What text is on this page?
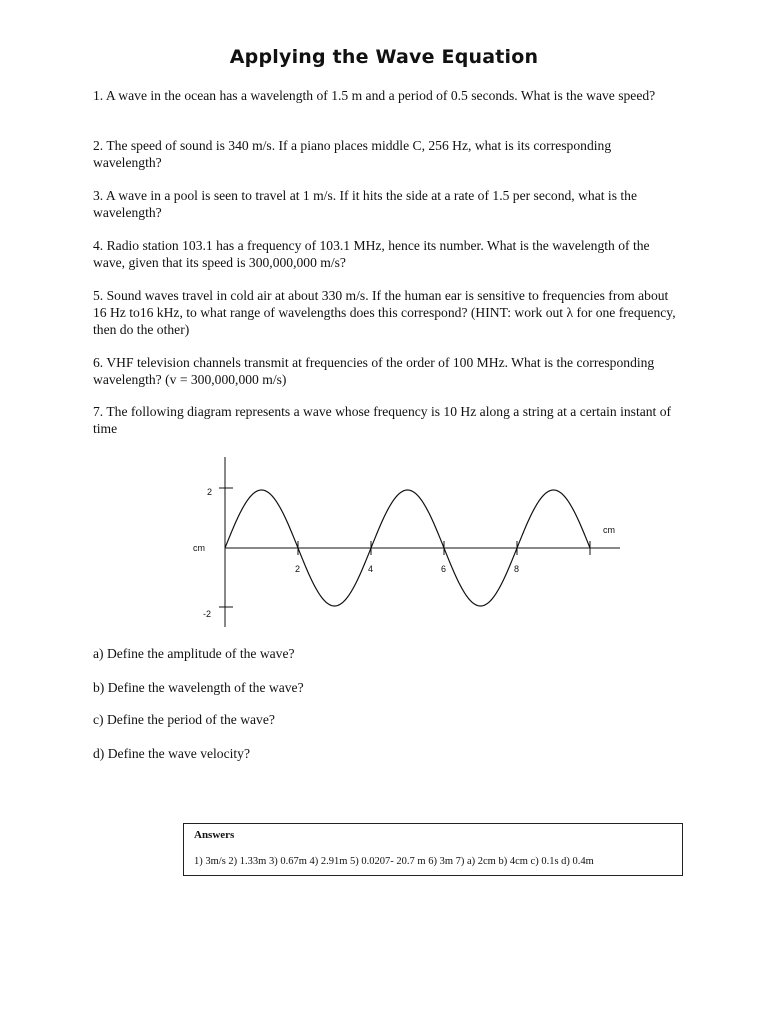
Applying the Wave Equation

1. A wave in the ocean has a wavelength of 1.5 m and a period of 0.5 seconds. What is the wave speed?

2. The speed of sound is 340 m/s. If a piano places middle C, 256 Hz, what is its corresponding wavelength?

3. A wave in a pool is seen to travel at 1 m/s. If it hits the side at a rate of 1.5 per second, what is the wavelength?

4. Radio station 103.1 has a frequency of 103.1 MHz, hence its number. What is the wavelength of the wave, given that its speed is 300,000,000 m/s?

5. Sound waves travel in cold air at about 330 m/s. If the human ear is sensitive to frequencies from about 16 Hz to16 kHz, to what range of wavelengths does this correspond? (HINT: work out λ for one frequency, then do the other)

6. VHF television channels transmit at frequencies of the order of 100 MHz. What is the corresponding wavelength? (v = 300,000,000 m/s)

7. The following diagram represents a wave whose frequency is 10 Hz along a string at a certain instant of time

2
-2
cm
cm
2	4	6	8

a) Define the amplitude of the wave?

b) Define the wavelength of the wave?

c) Define the period of the wave?

d) Define the wave velocity?

Answers
1) 3m/s 2) 1.33m 3) 0.67m 4) 2.91m 5) 0.0207- 20.7 m 6) 3m 7) a) 2cm b) 4cm c) 0.1s d) 0.4m
